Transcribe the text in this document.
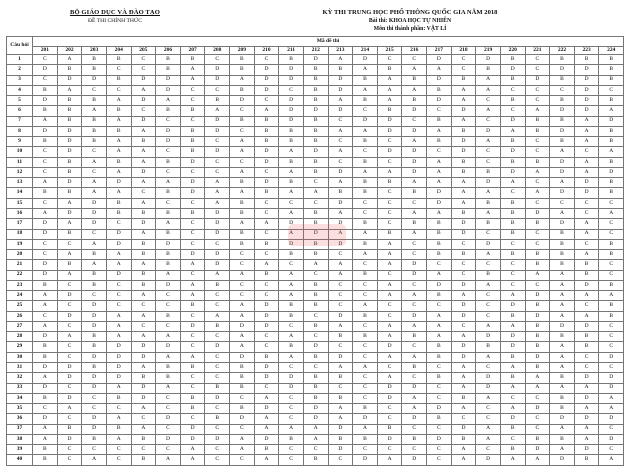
BỘ GIÁO DỤC VÀ ĐÀO TẠO
ĐỀ THI CHÍNH THỨC
KỲ THI TRUNG HỌC PHỔ THÔNG QUỐC GIA NĂM 2018
Bài thi: KHOA HỌC TỰ NHIÊN
Môn thi thành phần: VẬT LÍ
Câu hỏi	Mã đề thi																							
	201	202	203	204	205	206	207	208	209	210	211	212	213	214	215	216	217	218	219	220	221	222	223	224
1	C	A	B	B	C	B	B	C	B	C	B	D	A	D	C	C	D	C	D	B	C	B	B	B
2	D	B	B	C	C	B	A	D	B	D	D	B	B	A	B	A	A	C	B	D	C	D	D	B
3	C	D	D	B	D	D	A	D	A	D	D	B	D	B	A	B	D	B	A	B	D	B	D	B
4	B	A	C	C	A	D	C	C	B	D	C	B	D	A	A	A	B	A	A	C	C	C	D	C
5	D	B	B	A	D	A	C	B	D	C	D	B	A	B	A	B	D	A	C	B	C	B	D	B
6	B	B	A	B	C	B	B	A	C	A	D	D	D	C	B	D	C	D	A	C	A	D	D	A
7	A	B	B	A	D	C	C	D	B	B	D	B	C	D	D	C	B	A	C	D	B	B	A	D
8	D	D	B	B	A	D	B	D	C	B	B	B	A	A	D	D	A	B	D	A	B	D	A	B
9	B	D	B	A	B	D	B	C	A	B	B	B	C	B	C	A	B	D	A	B	C	B	A	B
10	C	D	C	A	A	C	B	D	A	D	A	D	A	C	D	D	C	D	C	D	C	A	C	A
11	C	B	A	B	A	B	D	C	C	D	B	B	C	B	C	D	A	B	C	B	B	D	A	B
12	C	B	C	A	D	C	C	C	A	C	A	B	D	A	A	D	A	B	B	D	A	D	A	D
13	A	D	A	D	A	A	D	A	B	D	B	C	A	B	B	A	A	A	D	A	C	A	D	B
14	B	B	A	A	C	B	D	A	A	B	A	A	B	B	C	B	D	A	A	C	A	D	D	B
15	C	A	D	B	A	C	C	A	B	C	C	C	D	C	C	C	D	A	B	B	C	C	C	C
16	A	D	D	B	B	B	B	D	B	C	A	B	A	C	C	A	A	B	A	B	D	A	C	A
17	D	A	D	C	D	A	C	D	A	A	D	B	D	B	C	B	B	D	B	B	B	D	A	C
18	D	B	C	D	A	B	C	D	B	C	A	D	A	A	B	A	B	D	C	B	C	B	A	C
19	C	C	A	D	B	D	C	C	B	B	D	B	D	B	A	C	B	C	D	C	C	B	C	B
20	C	A	B	A	B	B	D	D	C	C	B	B	C	A	A	C	B	B	A	B	B	B	A	B
21	D	B	A	A	A	B	A	D	C	A	C	A	A	C	A	D	C	C	C	C	B	B	B	C
22	D	A	B	D	B	A	C	A	A	B	A	C	A	B	C	D	A	C	B	C	A	A	B	C
23	B	C	B	C	B	D	A	B	C	C	A	B	C	C	A	C	D	D	A	C	C	A	D	B
24	A	D	C	C	A	C	A	C	C	C	A	B	C	C	A	A	B	A	C	A	D	A	A	A
25	A	C	D	C	C	C	B	C	A	D	B	B	C	A	C	C	C	D	C	D	B	A	C	B
26	C	D	D	A	A	B	C	A	A	D	B	C	D	B	C	D	A	D	C	B	D	A	A	B
27	A	C	D	A	C	C	D	B	D	D	C	B	A	C	A	A	A	C	A	A	B	D	D	C
28	D	A	B	A	A	A	C	C	A	C	A	C	B	B	A	B	A	A	D	D	B	B	B	C
29	B	C	B	D	D	D	C	D	A	C	B	D	C	C	D	C	B	D	B	D	B	A	B	C
30	B	C	D	D	D	A	A	C	D	B	A	B	D	C	A	A	B	D	A	B	D	A	C	D
31	D	D	B	D	A	B	B	C	B	D	C	C	A	A	C	B	C	A	C	A	B	A	C	C
32	A	D	D	D	B	B	C	C	B	D	D	B	B	C	A	C	B	A	D	B	A	B	D	D
33	D	C	D	A	D	A	C	B	B	C	D	B	C	C	D	D	C	A	D	A	A	A	A	D
34	B	D	C	B	D	C	B	D	C	A	C	B	B	C	D	A	C	B	A	C	C	B	D	A
35	C	A	C	C	A	C	B	C	B	D	C	D	A	B	C	A	D	A	C	A	D	B	A	A
36	D	C	D	A	C	D	C	B	D	A	C	D	A	D	C	D	B	C	C	D	C	D	D	D
37	A	B	D	B	A	C	D	C	C	A	A	A	D	A	B	C	C	D	A	B	C	A	A	C
38	A	D	B	A	B	D	D	D	A	D	B	A	B	B	D	B	D	B	A	C	B	B	A	D
39	B	C	C	C	C	C	A	C	A	B	C	C	D	C	C	C	C	A	C	B	D	A	D	C
40	B	C	A	C	B	A	A	C	C	A	C	B	C	D	A	D	C	A	D	A	A	D	B	A
